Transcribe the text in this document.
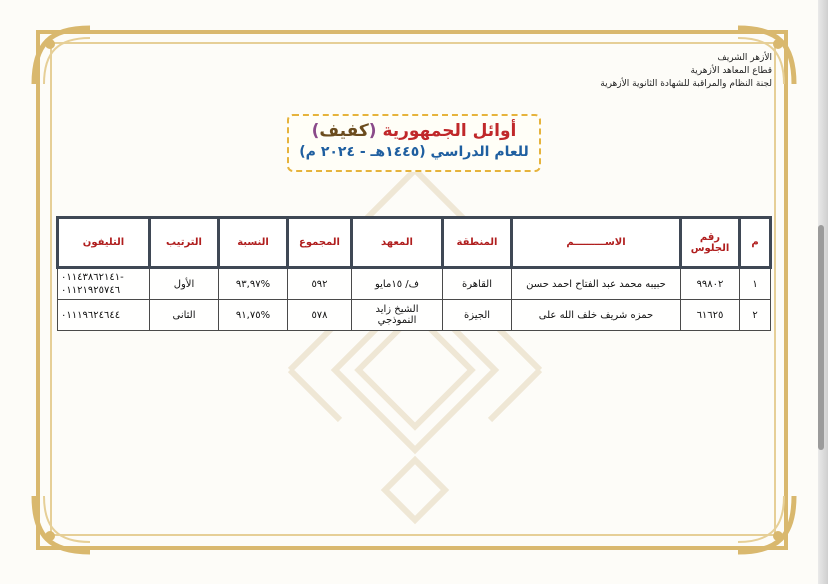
الأزهر الشريف
قطاع المعاهد الأزهرية
لجنة النظام والمراقبة للشهادة الثانوية الأزهرية
أوائل الجمهورية (كفيف)
للعام الدراسي (١٤٤٥هـ - ٢٠٢٤ م)
م	رقم الجلوس	الاســـــــــم	المنطقة	المعهد	المجموع	النسبة	الترتيب	التليفون
١	٩٩٨٠٢	حبيبه محمد عبد الفتاح احمد حسن	القاهرة	ف/ ١٥مايو	٥٩٢	%٩٣,٩٧	الأول	٠١١٤٣٨٦٢١٤١-
٠١١٢١٩٢٥٧٤٦

٢	٦١٦٢٥	حمزه شريف خلف الله على	الجيزة	الشيخ زايد النموذجي	٥٧٨	%٩١,٧٥	الثانى	٠١١١٩٦٢٤٦٤٤
